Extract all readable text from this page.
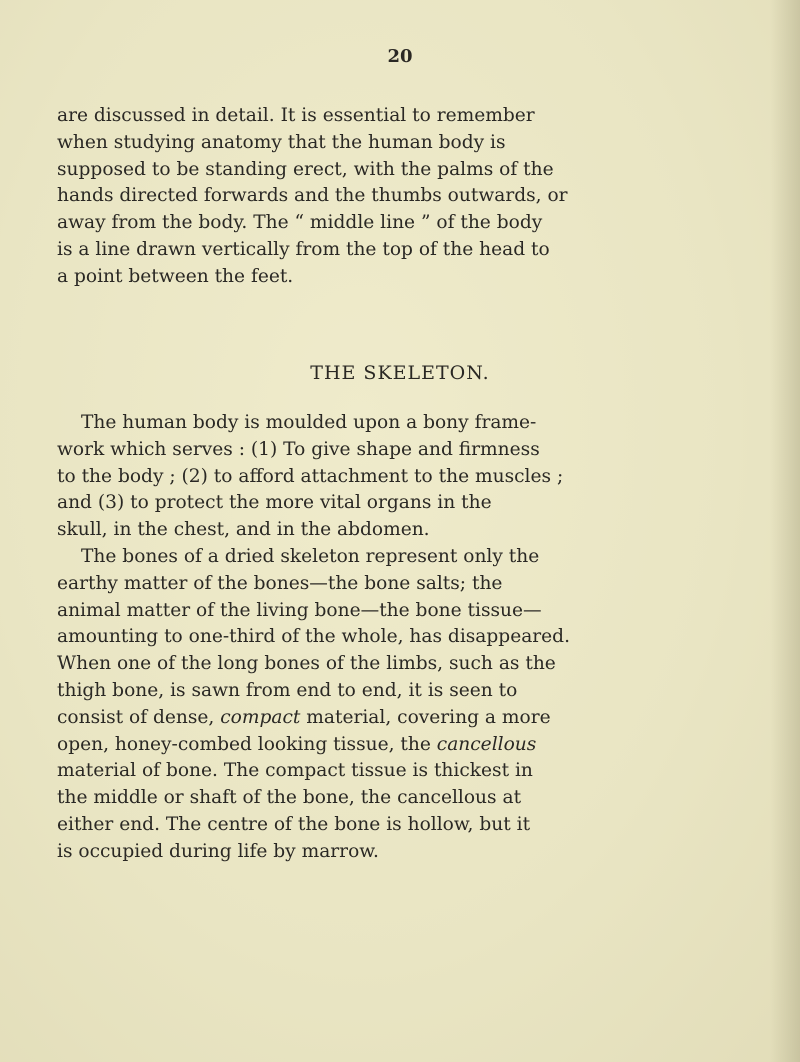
20

are discussed in detail. It is essential to remember
when studying anatomy that the human body is
supposed to be standing erect, with the palms of the
hands directed forwards and the thumbs outwards, or
away from the body. The “ middle line ” of the body
is a line drawn vertically from the top of the head to
a point between the feet.

THE SKELETON.

The human body is moulded upon a bony frame-
work which serves : (1) To give shape and firmness
to the body ; (2) to afford attachment to the muscles ;
and (3) to protect the more vital organs in the
skull, in the chest, and in the abdomen.

The bones of a dried skeleton represent only the
earthy matter of the bones—the bone salts; the
animal matter of the living bone—the bone tissue—
amounting to one-third of the whole, has disappeared.
When one of the long bones of the limbs, such as the
thigh bone, is sawn from end to end, it is seen to
consist of dense, compact material, covering a more
open, honey-combed looking tissue, the cancellous
material of bone. The compact tissue is thickest in
the middle or shaft of the bone, the cancellous at
either end. The centre of the bone is hollow, but it
is occupied during life by marrow.
